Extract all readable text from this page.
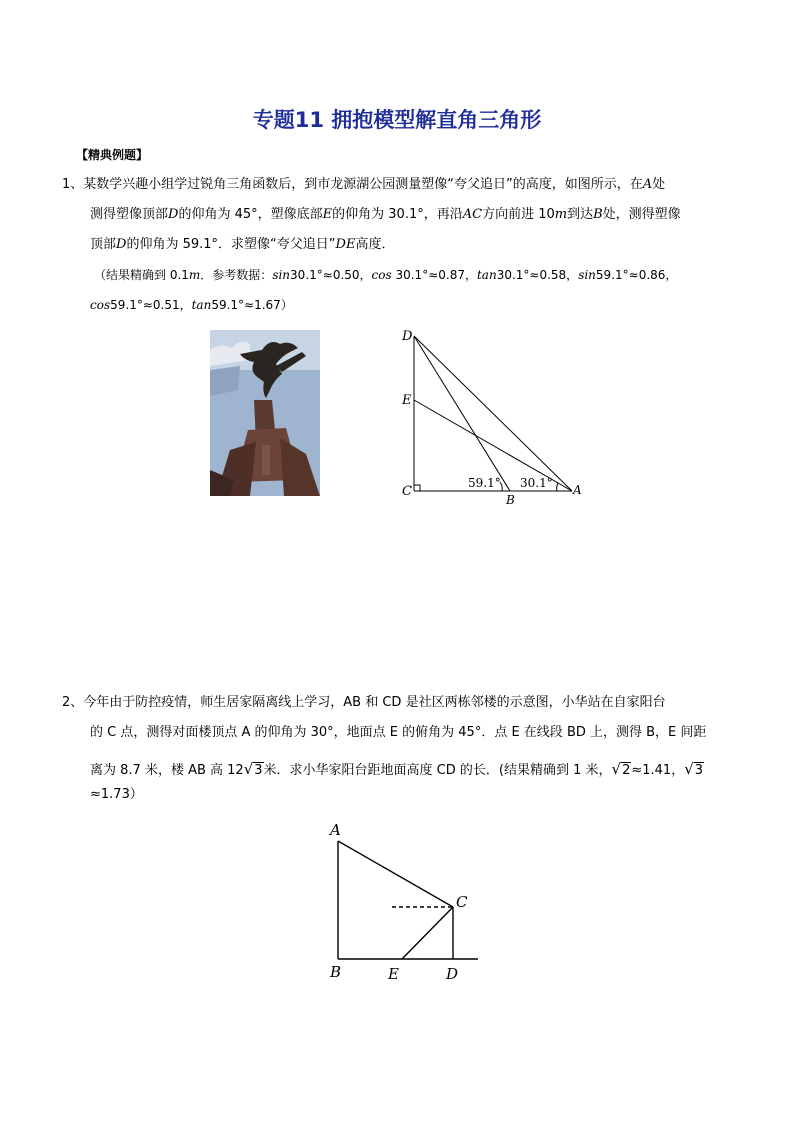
专题11 拥抱模型解直角三角形
【精典例题】
1、某数学兴趣小组学过锐角三角函数后，到市龙源湖公园测量塑像“夸父追日”的高度，如图所示，在A处
测得塑像顶部D的仰角为 45°，塑像底部E的仰角为 30.1°，再沿AC方向前进 10m到达B处，测得塑像
顶部D的仰角为 59.1°．求塑像“夸父追日”DE高度．
（结果精确到 0.1m．参考数据：sin30.1°≈0.50，cos 30.1°≈0.87，tan30.1°≈0.58，sin59.1°≈0.86，
cos59.1°≈0.51，tan59.1°≈1.67）
D
E
C
B
A
59.1° 30.1°
2、今年由于防控疫情，师生居家隔离线上学习，AB 和 CD 是社区两栋邻楼的示意图，小华站在自家阳台
的 C 点，测得对面楼顶点 A 的仰角为 30°，地面点 E 的俯角为 45°．点 E 在线段 BD 上，测得 B，E 间距
离为 8.7 米，楼 AB 高 12√3米．求小华家阳台距地面高度 CD 的长．(结果精确到 1 米，√2≈1.41，√3
≈1.73）
A
B
C
D
E
